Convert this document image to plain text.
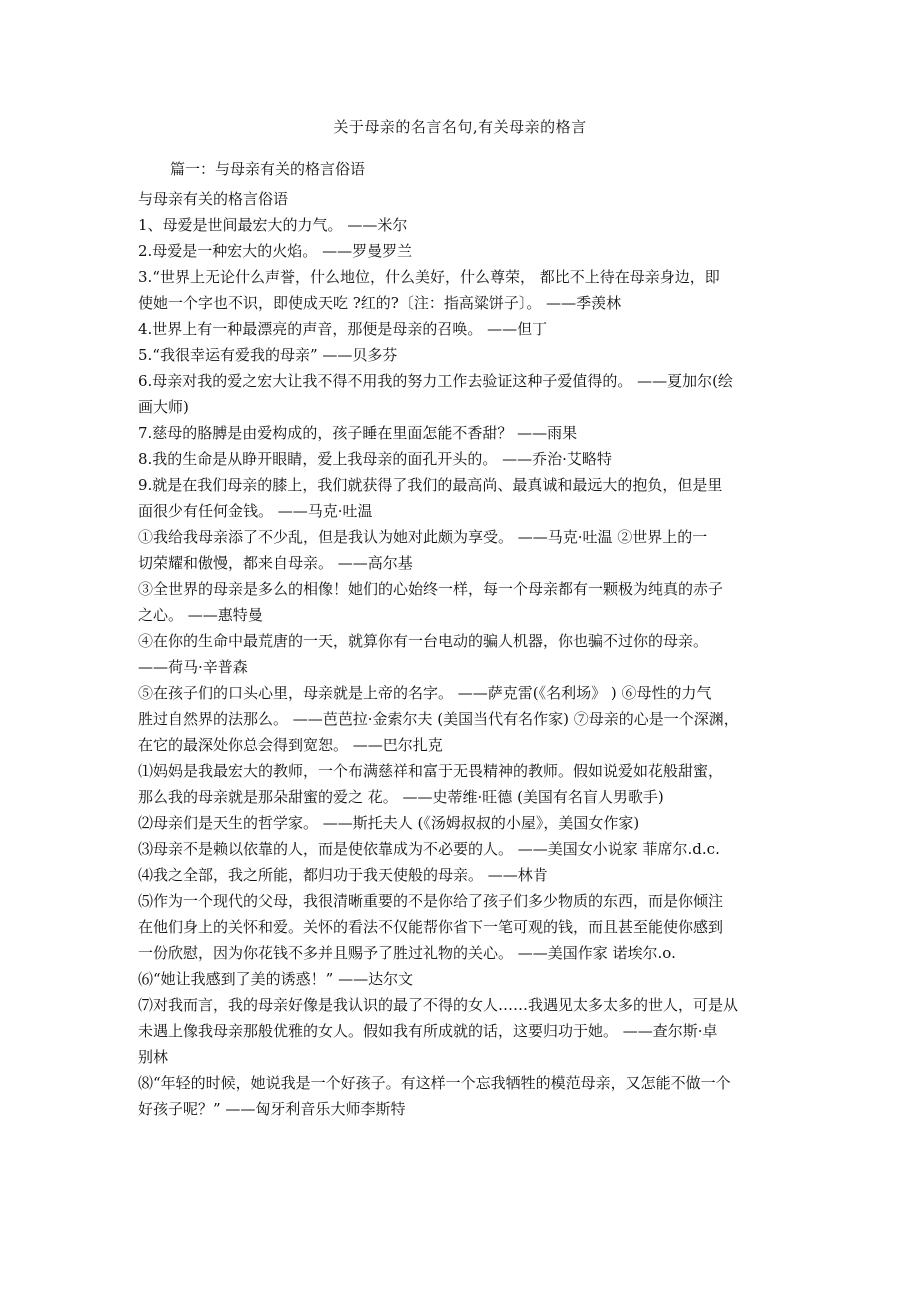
关于母亲的名言名句,有关母亲的格言
篇一：与母亲有关的格言俗语
与母亲有关的格言俗语
1、母爱是世间最宏大的力气。 ——米尔
2.母爱是一种宏大的火焰。 ——罗曼罗兰
3.“世界上无论什么声誉，什么地位，什么美好，什么尊荣， 都比不上待在母亲身边，即
使她一个字也不识，即使成天吃 ?红的?〔注：指高粱饼子〕。 ——季羡林
4.世界上有一种最漂亮的声音，那便是母亲的召唤。 ——但丁
5.“我很幸运有爱我的母亲” ——贝多芬
6.母亲对我的爱之宏大让我不得不用我的努力工作去验证这种子爱值得的。 ——夏加尔(绘
画大师)
7.慈母的胳膊是由爱构成的，孩子睡在里面怎能不香甜？ ——雨果
8.我的生命是从睁开眼睛，爱上我母亲的面孔开头的。 ——乔治·艾略特
9.就是在我们母亲的膝上，我们就获得了我们的最高尚、最真诚和最远大的抱负，但是里
面很少有任何金钱。 ——马克·吐温
①我给我母亲添了不少乱，但是我认为她对此颇为享受。 ——马克·吐温 ②世界上的一
切荣耀和傲慢，都来自母亲。 ——高尔基
③全世界的母亲是多么的相像！她们的心始终一样，每一个母亲都有一颗极为纯真的赤子
之心。 ——惠特曼
④在你的生命中最荒唐的一天，就算你有一台电动的骗人机器，你也骗不过你的母亲。
——荷马·辛普森
⑤在孩子们的口头心里，母亲就是上帝的名字。 ——萨克雷(《名利场》 ) ⑥母性的力气
胜过自然界的法那么。 ——芭芭拉·金索尔夫 (美国当代有名作家) ⑦母亲的心是一个深渊，
在它的最深处你总会得到宽恕。 ——巴尔扎克
⑴妈妈是我最宏大的教师，一个布满慈祥和富于无畏精神的教师。假如说爱如花般甜蜜，
那么我的母亲就是那朵甜蜜的爱之 花。 ——史蒂维·旺德 (美国有名盲人男歌手)
⑵母亲们是天生的哲学家。 ——斯托夫人 (《汤姆叔叔的小屋》，美国女作家)
⑶母亲不是赖以依靠的人，而是使依靠成为不必要的人。 ——美国女小说家 菲席尔.d.c.
⑷我之全部，我之所能，都归功于我天使般的母亲。 ——林肯
⑸作为一个现代的父母，我很清晰重要的不是你给了孩子们多少物质的东西，而是你倾注
在他们身上的关怀和爱。关怀的看法不仅能帮你省下一笔可观的钱，而且甚至能使你感到
一份欣慰，因为你花钱不多并且赐予了胜过礼物的关心。 ——美国作家 诺埃尔.o.
⑹“她让我感到了美的诱惑！” ——达尔文
⑺对我而言，我的母亲好像是我认识的最了不得的女人……我遇见太多太多的世人，可是从
未遇上像我母亲那般优雅的女人。假如我有所成就的话，这要归功于她。 ——查尔斯·卓
别林
⑻“年轻的时候，她说我是一个好孩子。有这样一个忘我牺牲的模范母亲，又怎能不做一个
好孩子呢？” ——匈牙利音乐大师李斯特
